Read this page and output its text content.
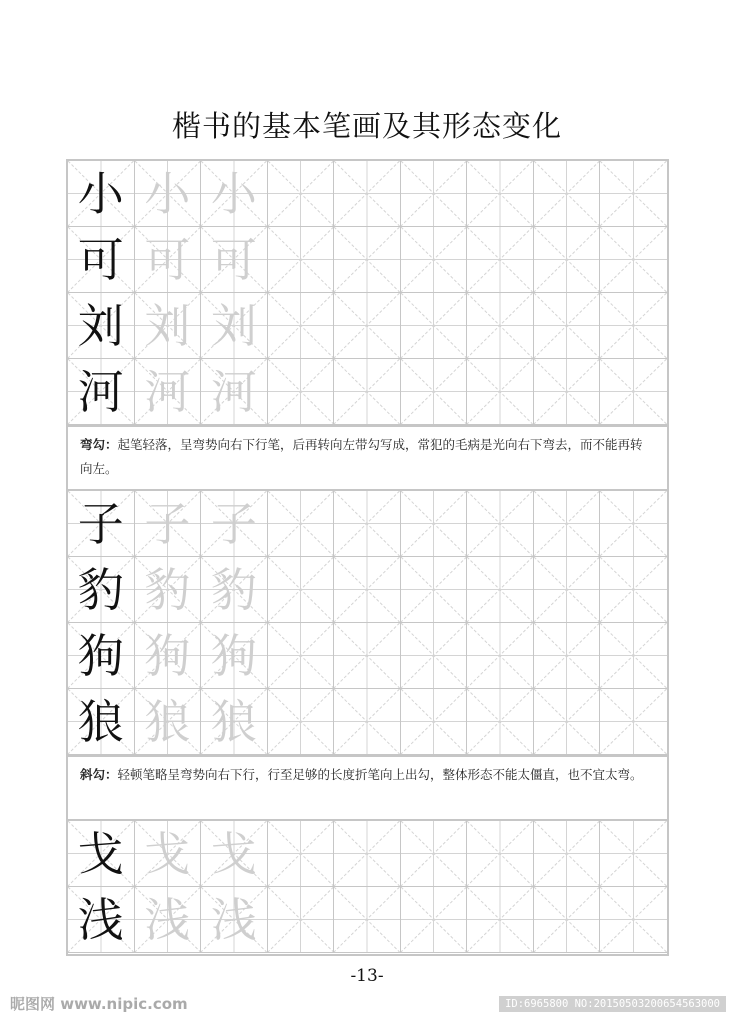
楷书的基本笔画及其形态变化
小 小 小
可 可 可
刘 刘 刘
河 河 河
弯勾：起笔轻落，呈弯势向右下行笔，后再转向左带勾写成，常犯的毛病是光向右下弯去，而不能再转向左。
子 子 子
豹 豹 豹
狗 狗 狗
狼 狼 狼
斜勾：轻顿笔略呈弯势向右下行，行至足够的长度折笔向上出勾，整体形态不能太僵直，也不宜太弯。
戈 戈 戈
浅 浅 浅
-13-
昵图网 www.nipic.com	ID:6965800 NO:20150503200654563000
